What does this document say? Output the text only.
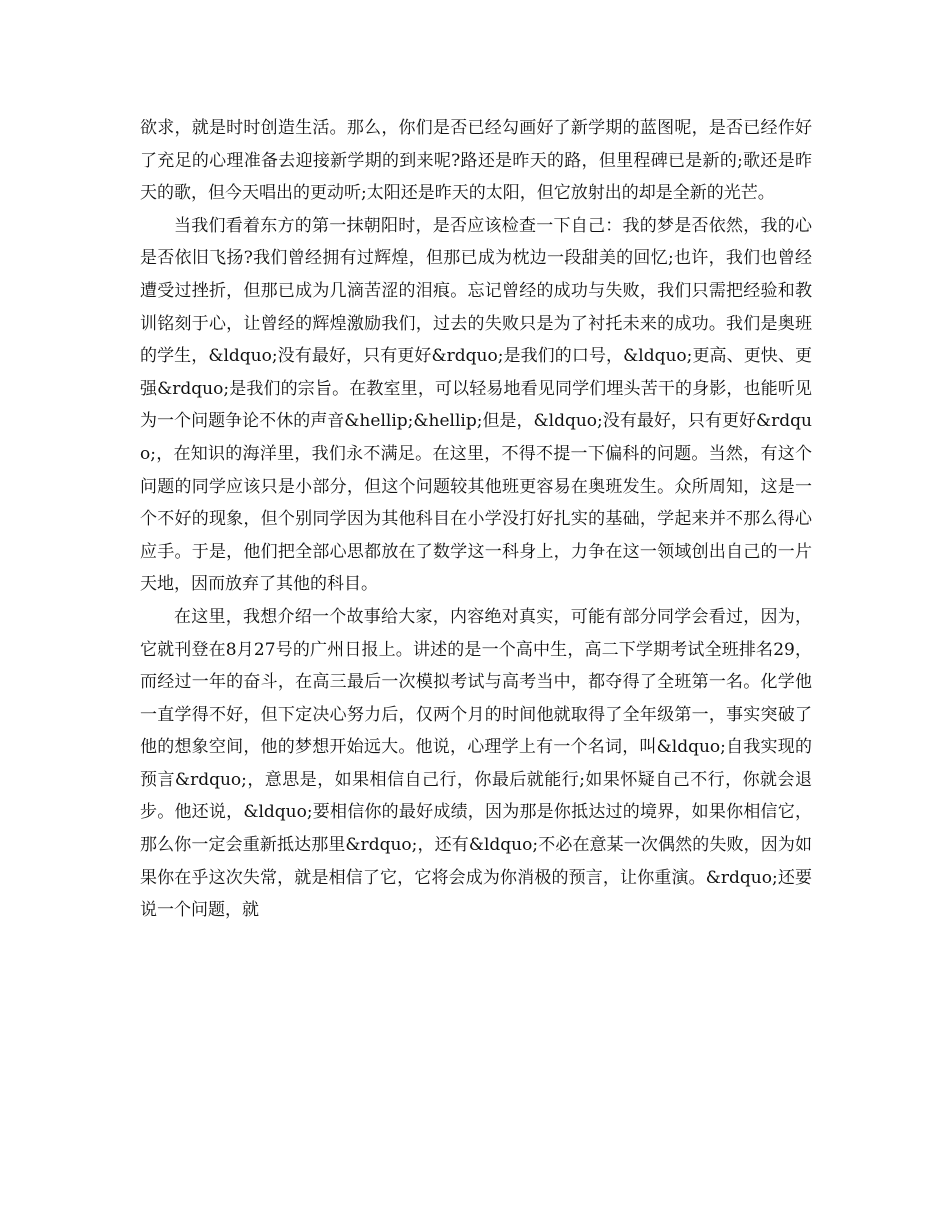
欲求，就是时时创造生活。那么，你们是否已经勾画好了新学期的蓝图呢，是否已经作好了充足的心理准备去迎接新学期的到来呢?路还是昨天的路，但里程碑已是新的;歌还是昨天的歌，但今天唱出的更动听;太阳还是昨天的太阳，但它放射出的却是全新的光芒。

当我们看着东方的第一抹朝阳时，是否应该检查一下自己：我的梦是否依然，我的心是否依旧飞扬?我们曾经拥有过辉煌，但那已成为枕边一段甜美的回忆;也许，我们也曾经遭受过挫折，但那已成为几滴苦涩的泪痕。忘记曾经的成功与失败，我们只需把经验和教训铭刻于心，让曾经的辉煌激励我们，过去的失败只是为了衬托未来的成功。我们是奥班的学生，&ldquo;没有最好，只有更好&rdquo;是我们的口号，&ldquo;更高、更快、更强&rdquo;是我们的宗旨。在教室里，可以轻易地看见同学们埋头苦干的身影，也能听见为一个问题争论不休的声音&hellip;&hellip;但是，&ldquo;没有最好，只有更好&rdquo;，在知识的海洋里，我们永不满足。在这里，不得不提一下偏科的问题。当然，有这个问题的同学应该只是小部分，但这个问题较其他班更容易在奥班发生。众所周知，这是一个不好的现象，但个别同学因为其他科目在小学没打好扎实的基础，学起来并不那么得心应手。于是，他们把全部心思都放在了数学这一科身上，力争在这一领域创出自己的一片天地，因而放弃了其他的科目。

在这里，我想介绍一个故事给大家，内容绝对真实，可能有部分同学会看过，因为，它就刊登在8月27号的广州日报上。讲述的是一个高中生，高二下学期考试全班排名29，而经过一年的奋斗，在高三最后一次模拟考试与高考当中，都夺得了全班第一名。化学他一直学得不好，但下定决心努力后，仅两个月的时间他就取得了全年级第一，事实突破了他的想象空间，他的梦想开始远大。他说，心理学上有一个名词，叫&ldquo;自我实现的预言&rdquo;，意思是，如果相信自己行，你最后就能行;如果怀疑自己不行，你就会退步。他还说，&ldquo;要相信你的最好成绩，因为那是你抵达过的境界，如果你相信它，那么你一定会重新抵达那里&rdquo;，还有&ldquo;不必在意某一次偶然的失败，因为如果你在乎这次失常，就是相信了它，它将会成为你消极的预言，让你重演。&rdquo;还要说一个问题，就
